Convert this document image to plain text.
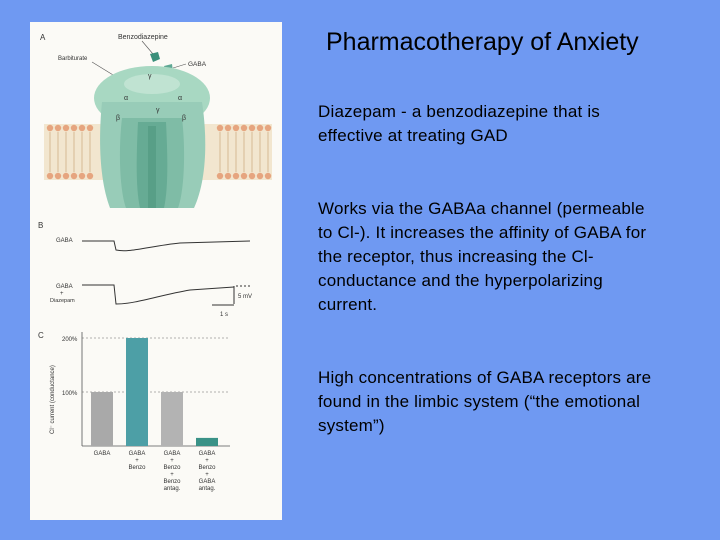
A	Benzodiazepine
Barbiturate
GABA
γ
α
β
α
β
γ
B
GABA
GABA
+
Diazepam
5 mV
1 s
C
Cl⁻ current (conductance)
200%
100%
GABA	GABA
+
Benzo
GABA
+
Benzo
+
Benzo
antag.
GABA
+
Benzo
+
GABA
antag.
Pharmacotherapy of Anxiety
Diazepam - a benzodiazepine that is effective at treating GAD
Works via the GABAa channel (permeable to Cl-). It increases the affinity of GABA for the receptor, thus increasing the Cl- conductance and the hyperpolarizing current.
High concentrations of GABA receptors are found in the limbic system (“the emotional system”)
